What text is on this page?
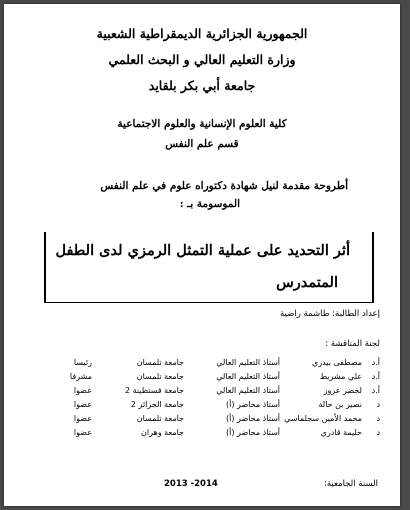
الجمهورية الجزائرية الديمقراطية الشعبية
وزارة التعليم العالي و البحث العلمي
جامعة أبي بكر بلقايد
كلية العلوم الإنسانية والعلوم الاجتماعية
قسم علم النفس
أطروحة مقدمة لنيل شهادة دكتوراه علوم في علم النفس
الموسومة بـ :
أثر التحديد على عملية التمثل الرمزي لدى الطفل
المتمدرس
إعداد الطالبة: طاشمة راضية
لجنة المناقشة :
أ.د	مصطفى بيدري	أستاذ التعليم العالي	جامعة تلمسان	رئيسا
أ.د	علي مشريط	أستاذ التعليم العالي	جامعة تلمسان	مشرفا
أ.د	لخضر عزوز	أستاذ التعليم العالي	جامعة قسنطينة 2	عضوا
د	نصير بن حالة	أستاذ محاضر (أ)	جامعة الجزائر 2	عضوا
د	محمد الأمين سجلماسي	أستاذ محاضر (أ)	جامعة تلمسان	عضوا
د	حليمة قادري	أستاذ محاضر (أ)	جامعة وهران	عضوا
السنة الجامعية:
2013 -2014
